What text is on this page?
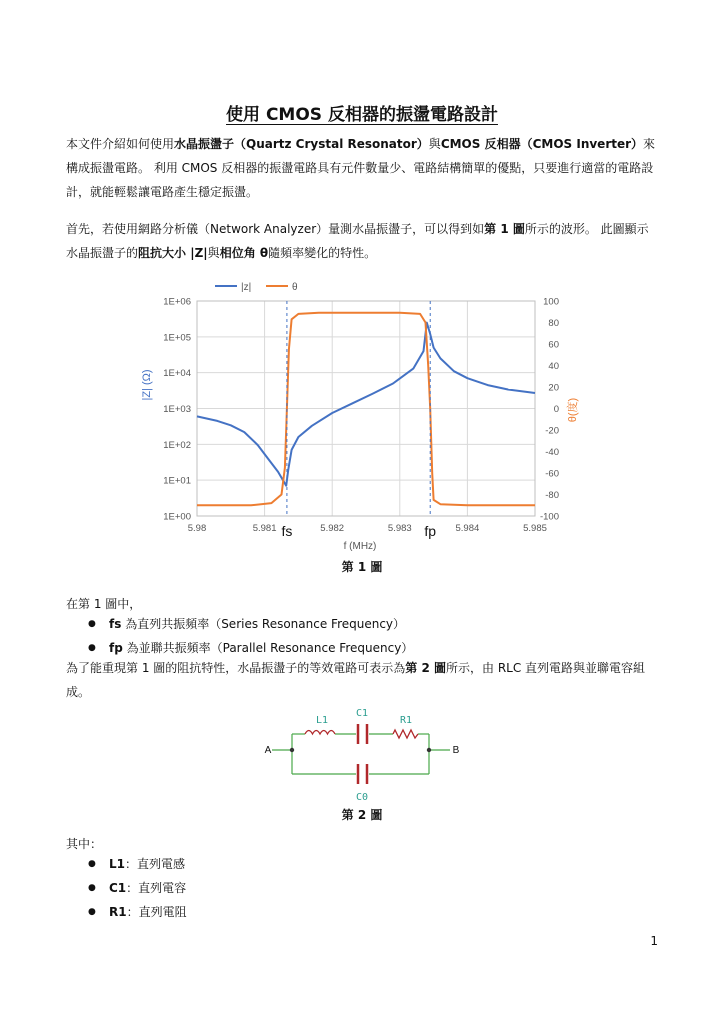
使用 CMOS 反相器的振盪電路設計
本文件介紹如何使用水晶振盪子（Quartz Crystal Resonator）與CMOS 反相器（CMOS Inverter）來構成振盪電路。 利用 CMOS 反相器的振盪電路具有元件數量少、電路結構簡單的優點，只要進行適當的電路設計，就能輕鬆讓電路產生穩定振盪。
首先，若使用網路分析儀（Network Analyzer）量測水晶振盪子，可以得到如第 1 圖所示的波形。 此圖顯示水晶振盪子的阻抗大小 |Z|與相位角 θ隨頻率變化的特性。
|z|	θ
1E+00
1E+01
1E+02
1E+03
1E+04
1E+05
1E+06
5.98	5.981	5.982	5.983	5.984	5.985
-100
-80
-60
-40
-20
0
20
40
60
80
100
fs	fp
|Z| (Ω)
θ(度)
f (MHz)
第 1 圖
在第 1 圖中，
● fs 為直列共振頻率（Series Resonance Frequency）
● fp 為並聯共振頻率（Parallel Resonance Frequency）
為了能重現第 1 圖的阻抗特性，水晶振盪子的等效電路可表示為第 2 圖所示，由 RLC 直列電路與並聯電容組成。
L1
C1
R1
C0
A	B
第 2 圖
其中：
● L1：直列電感
● C1：直列電容
● R1：直列電阻
1
